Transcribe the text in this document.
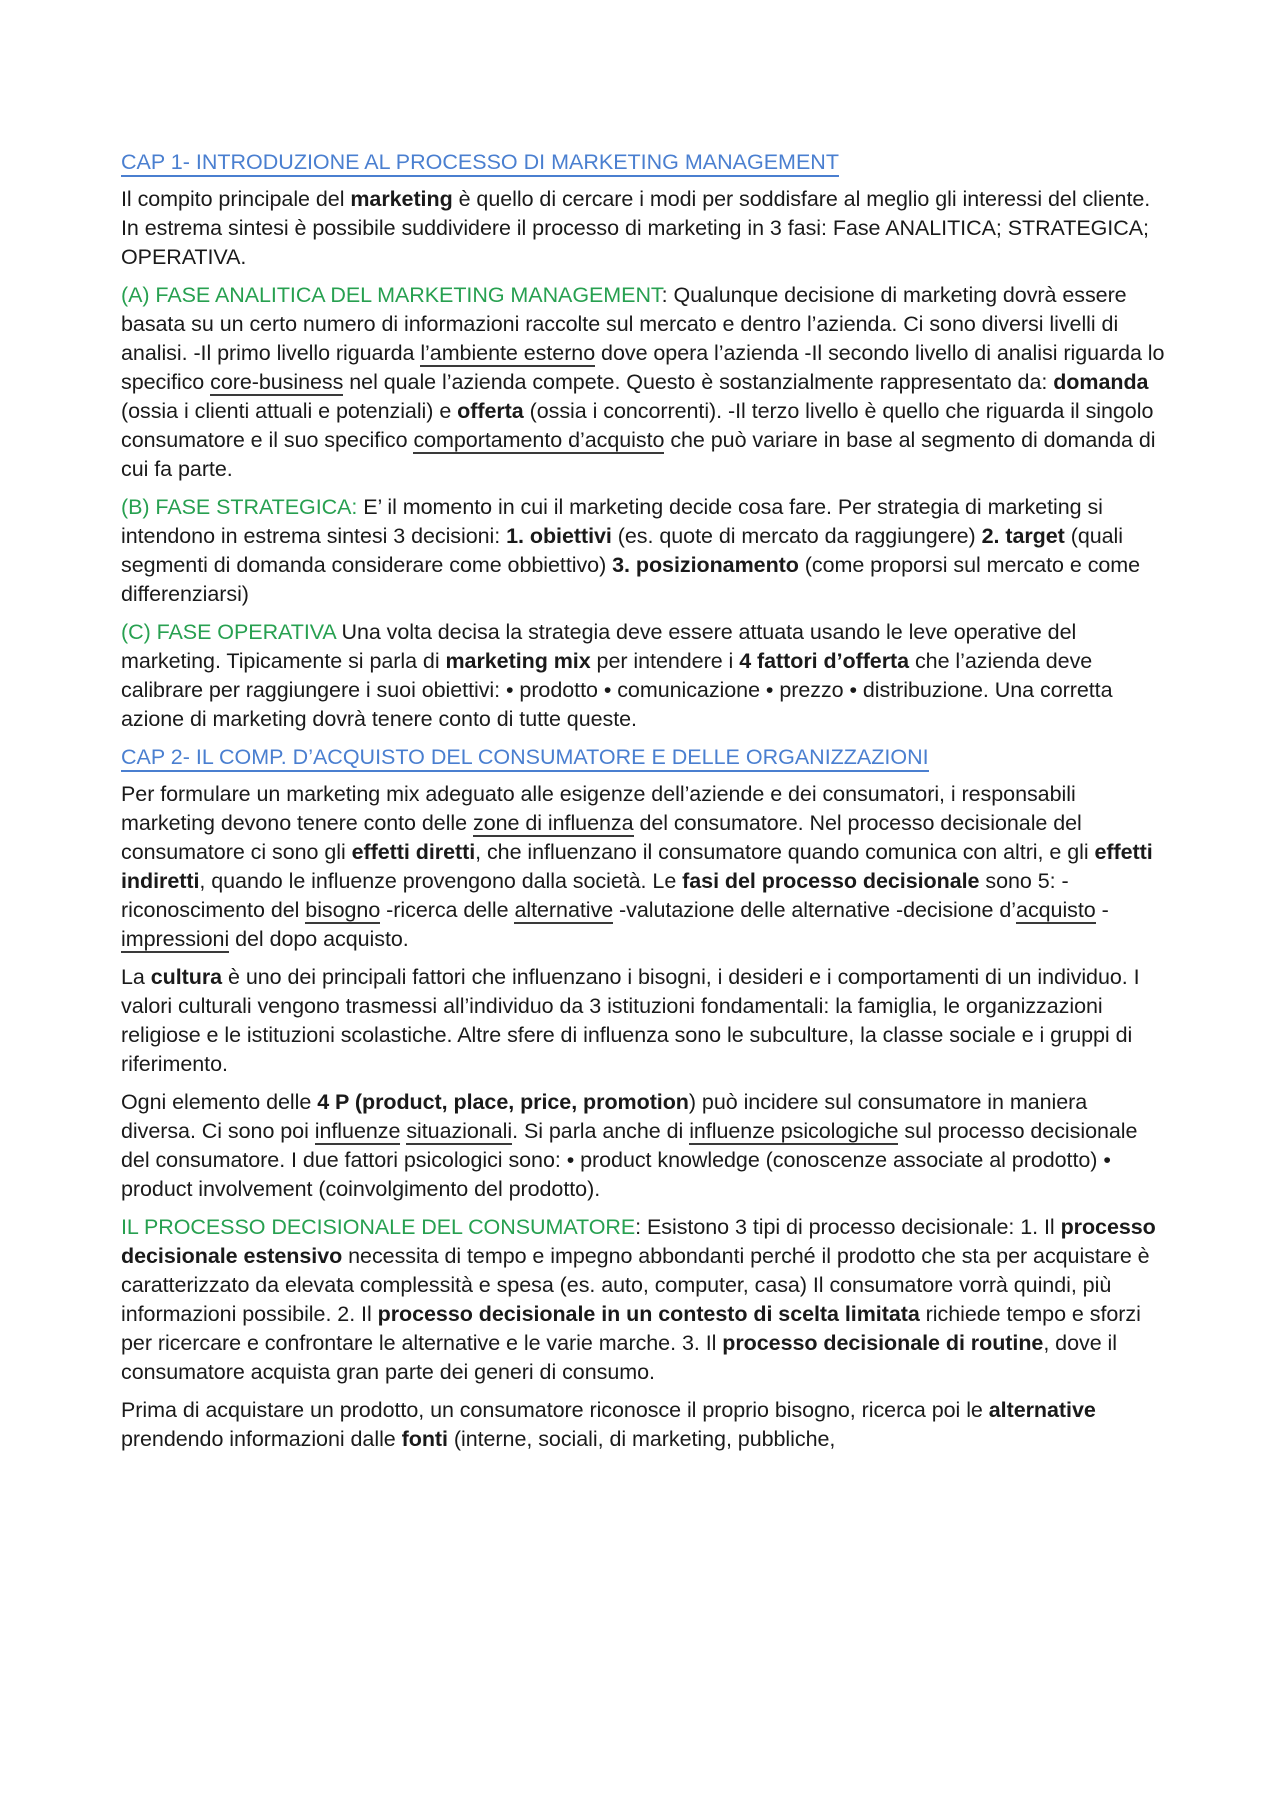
CAP 1- INTRODUZIONE AL PROCESSO DI MARKETING MANAGEMENT

Il compito principale del marketing è quello di cercare i modi per soddisfare al meglio gli interessi del cliente. In estrema sintesi è possibile suddividere il processo di marketing in 3 fasi: Fase ANALITICA; STRATEGICA; OPERATIVA.

(A) FASE ANALITICA DEL MARKETING MANAGEMENT: Qualunque decisione di marketing dovrà essere basata su un certo numero di informazioni raccolte sul mercato e dentro l’azienda. Ci sono diversi livelli di analisi. -Il primo livello riguarda l’ambiente esterno dove opera l’azienda -Il secondo livello di analisi riguarda lo specifico core-business nel quale l’azienda compete. Questo è sostanzialmente rappresentato da: domanda (ossia i clienti attuali e potenziali) e offerta (ossia i concorrenti). -Il terzo livello è quello che riguarda il singolo consumatore e il suo specifico comportamento d’acquisto che può variare in base al segmento di domanda di cui fa parte.

(B) FASE STRATEGICA: E’ il momento in cui il marketing decide cosa fare. Per strategia di marketing si intendono in estrema sintesi 3 decisioni: 1. obiettivi (es. quote di mercato da raggiungere) 2. target (quali segmenti di domanda considerare come obbiettivo) 3. posizionamento (come proporsi sul mercato e come differenziarsi)

(C) FASE OPERATIVA Una volta decisa la strategia deve essere attuata usando le leve operative del marketing. Tipicamente si parla di marketing mix per intendere i 4 fattori d’offerta che l’azienda deve calibrare per raggiungere i suoi obiettivi: • prodotto • comunicazione • prezzo • distribuzione. Una corretta azione di marketing dovrà tenere conto di tutte queste.

CAP 2- IL COMP. D’ACQUISTO DEL CONSUMATORE E DELLE ORGANIZZAZIONI

Per formulare un marketing mix adeguato alle esigenze dell’aziende e dei consumatori, i responsabili marketing devono tenere conto delle zone di influenza del consumatore. Nel processo decisionale del consumatore ci sono gli effetti diretti, che influenzano il consumatore quando comunica con altri, e gli effetti indiretti, quando le influenze provengono dalla società. Le fasi del processo decisionale sono 5: -riconoscimento del bisogno -ricerca delle alternative -valutazione delle alternative -decisione d’acquisto -impressioni del dopo acquisto.

La cultura è uno dei principali fattori che influenzano i bisogni, i desideri e i comportamenti di un individuo. I valori culturali vengono trasmessi all’individuo da 3 istituzioni fondamentali: la famiglia, le organizzazioni religiose e le istituzioni scolastiche. Altre sfere di influenza sono le subculture, la classe sociale e i gruppi di riferimento.

Ogni elemento delle 4 P (product, place, price, promotion) può incidere sul consumatore in maniera diversa. Ci sono poi influenze situazionali. Si parla anche di influenze psicologiche sul processo decisionale del consumatore. I due fattori psicologici sono: • product knowledge (conoscenze associate al prodotto) • product involvement (coinvolgimento del prodotto).

IL PROCESSO DECISIONALE DEL CONSUMATORE: Esistono 3 tipi di processo decisionale: 1. Il processo decisionale estensivo necessita di tempo e impegno abbondanti perché il prodotto che sta per acquistare è caratterizzato da elevata complessità e spesa (es. auto, computer, casa) Il consumatore vorrà quindi, più informazioni possibile. 2. Il processo decisionale in un contesto di scelta limitata richiede tempo e sforzi per ricercare e confrontare le alternative e le varie marche. 3. Il processo decisionale di routine, dove il consumatore acquista gran parte dei generi di consumo.

Prima di acquistare un prodotto, un consumatore riconosce il proprio bisogno, ricerca poi le alternative prendendo informazioni dalle fonti (interne, sociali, di marketing, pubbliche,
